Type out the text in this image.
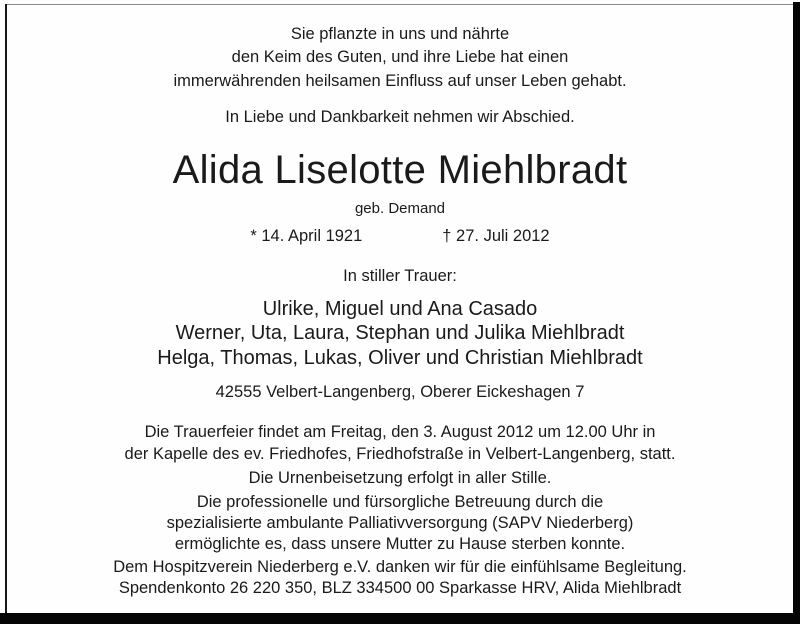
Sie pflanzte in uns und nährte
den Keim des Guten, und ihre Liebe hat einen
immerwährenden heilsamen Einfluss auf unser Leben gehabt.
In Liebe und Dankbarkeit nehmen wir Abschied.
Alida Liselotte Miehlbradt
geb. Demand
* 14. April 1921	† 27. Juli 2012
In stiller Trauer:
Ulrike, Miguel und Ana Casado
Werner, Uta, Laura, Stephan und Julika Miehlbradt
Helga, Thomas, Lukas, Oliver und Christian Miehlbradt
42555 Velbert-Langenberg, Oberer Eickeshagen 7
Die Trauerfeier findet am Freitag, den 3. August 2012 um 12.00 Uhr in
der Kapelle des ev. Friedhofes, Friedhofstraße in Velbert-Langenberg, statt.
Die Urnenbeisetzung erfolgt in aller Stille.
Die professionelle und fürsorgliche Betreuung durch die
spezialisierte ambulante Palliativversorgung (SAPV Niederberg)
ermöglichte es, dass unsere Mutter zu Hause sterben konnte.
Dem Hospitzverein Niederberg e.V. danken wir für die einfühlsame Begleitung.
Spendenkonto 26 220 350, BLZ 334500 00 Sparkasse HRV, Alida Miehlbradt
